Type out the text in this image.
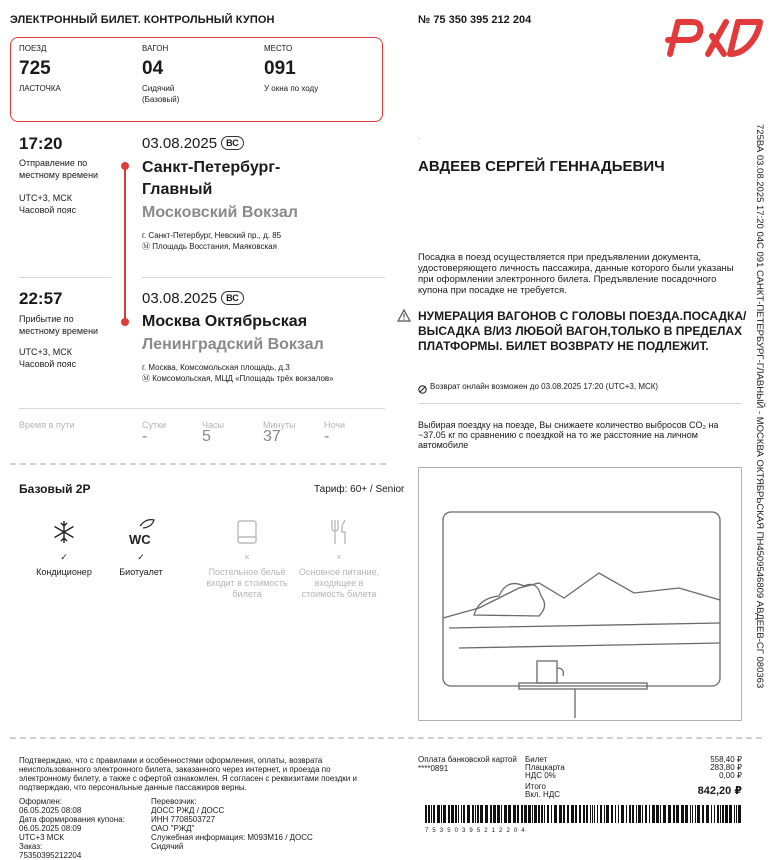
ЭЛЕКТРОННЫЙ БИЛЕТ. КОНТРОЛЬНЫЙ КУПОН	№ 75 350 395 212 204
ПОЕЗД
725
ЛАСТОЧКА
ВАГОН
04
Сидячий
(Базовый)
МЕСТО
091
У окна по ходу
17:20
Отправление по
местному времени
UTC+3, МСК
Часовой пояс
03.08.2025 ВС
Санкт-Петербург-
Главный
Московский Вокзал
г. Санкт-Петербург, Невский пр., д. 85
Ⓜ Площадь Восстания, Маяковская
22:57
Прибытие по
местному времени
UTC+3, МСК
Часовой пояс
03.08.2025 ВС
Москва Октябрьская
Ленинградский Вокзал
г. Москва, Комсомольская площадь, д.3
Ⓜ Комсомольская, МЦД «Площадь трёх вокзалов»
Время в пути	Сутки
-
Часы
5
Минуты
37
Ночи
-
·
АВДЕЕВ СЕРГЕЙ ГЕННАДЬЕВИЧ
Посадка в поезд осуществляется при предъявлении документа, удостоверяющего личность пассажира, данные которого были указаны при оформлении электронного билета. Предъявление посадочного купона при посадке не требуется.
НУМЕРАЦИЯ ВАГОНОВ С ГОЛОВЫ ПОЕЗДА.ПОСАДКА/ВЫСАДКА В/ИЗ ЛЮБОЙ ВАГОН,ТОЛЬКО В ПРЕДЕЛАХ ПЛАТФОРМЫ. БИЛЕТ ВОЗВРАТУ НЕ ПОДЛЕЖИТ.
Возврат онлайн возможен до 03.08.2025 17:20 (UTC+3, МСК)
Выбирая поездку на поезде, Вы снижаете количество выбросов CO₂ на ~37.05 кг по сравнению с поездкой на то же расстояние на личном автомобиле
Базовый 2Р	Тариф: 60+ / Senior
✓
Кондиционер
WC
✓
Биотуалет
×
Постельное бельё входит в стоимость билета
×
Основное питание, входящее в стоимость билета	725ВА 03.08.2025 17:20 04С 091 САНКТ-ПЕТЕРБУРГ-ГЛАВНЫЙ - МОСКВА ОКТЯБРЬСКАЯ ПН4509546809 АВДЕЕВ-СГ 080363
Подтверждаю, что с правилами и особенностями оформления, оплаты, возврата неиспользованного электронного билета, заказанного через интернет, и проезда по электронному билету, а также с офертой ознакомлен. Я согласен с реквизитами поездки и подтверждаю, что персональные данные пассажиров верны.
Оформлен:
06.05.2025 08:08
Дата формирования купона:
06.05.2025 08:09
UTC+3 МСК
Заказ:
75350395212204
Перевозчик:
ДОСС РЖД / ДОСС
ИНН 7708503727
ОАО "РЖД"
Служебная информация: М093М16 / ДОСС
Сидячий
Оплата банковской картой
****0891
Билет	558,40 ₽
Плацкарта	283,80 ₽
НДС 0%	0,00 ₽
Итого
Вкл. НДС	842,20 ₽
7 5 3 5 0 3 9 5 2 1 2 2 0 4
